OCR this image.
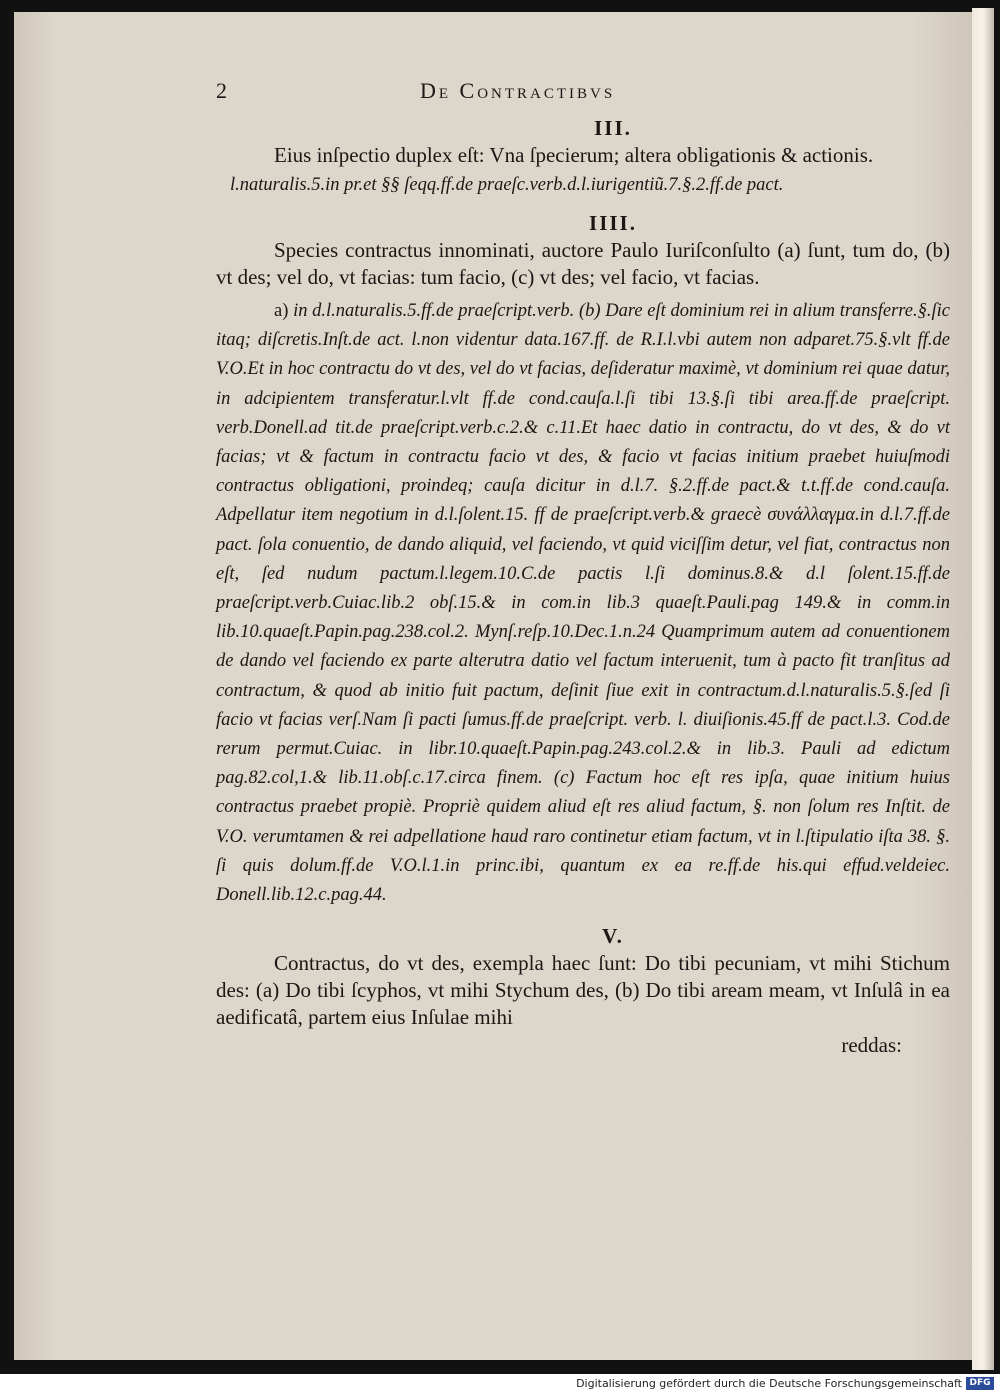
2	De Contractibvs
III.

Eius inſpectio duplex eſt: Vna ſpecierum; altera obligationis & actionis.

l.naturalis.5.in pr.et §§ ſeqq.ff.de praeſc.verb.d.l.iurigentiũ.7.§.2.ff.de pact.

IIII.

Species contractus innominati, auctore Paulo Iuriſconſulto (a) ſunt, tum do, (b) vt des; vel do, vt facias: tum facio, (c) vt des; vel facio, vt facias.

a) in d.l.naturalis.5.ff.de praeſcript.verb. (b) Dare eſt dominium rei in alium transferre.§.ſic itaq; diſcretis.Inſt.de act. l.non videntur data.167.ff. de R.I.l.vbi autem non adparet.75.§.vlt ff.de V.O.Et in hoc contractu do vt des, vel do vt facias, deſideratur maximè, vt dominium rei quae datur, in adcipientem transferatur.l.vlt ff.de cond.cauſa.l.ſi tibi 13.§.ſi tibi area.ff.de praeſcript. verb.Donell.ad tit.de praeſcript.verb.c.2.& c.11.Et haec datio in contractu, do vt des, & do vt facias; vt & factum in contractu facio vt des, & facio vt facias initium praebet huiuſmodi contractus obligationi, proindeq; cauſa dicitur in d.l.7. §.2.ff.de pact.& t.t.ff.de cond.cauſa. Adpellatur item negotium in d.l.ſolent.15. ff de praeſcript.verb.& graecè συνάλλαγμα.in d.l.7.ff.de pact. ſola conuentio, de dando aliquid, vel faciendo, vt quid viciſſim detur, vel fiat, contractus non eſt, ſed nudum pactum.l.legem.10.C.de pactis l.ſi dominus.8.& d.l ſolent.15.ff.de praeſcript.verb.Cuiac.lib.2 obſ.15.& in com.in lib.3 quaeſt.Pauli.pag 149.& in comm.in lib.10.quaeſt.Papin.pag.238.col.2. Mynſ.reſp.10.Dec.1.n.24 Quamprimum autem ad conuentionem de dando vel faciendo ex parte alterutra datio vel factum interuenit, tum à pacto fit tranſitus ad contractum, & quod ab initio fuit pactum, deſinit ſiue exit in contractum.d.l.naturalis.5.§.ſed ſi facio vt facias verſ.Nam ſi pacti ſumus.ff.de praeſcript. verb. l. diuiſionis.45.ff de pact.l.3. Cod.de rerum permut.Cuiac. in libr.10.quaeſt.Papin.pag.243.col.2.& in lib.3. Pauli ad edictum pag.82.col,1.& lib.11.obſ.c.17.circa finem. (c) Factum hoc eſt res ipſa, quae initium huius contractus praebet propiè. Propriè quidem aliud eſt res aliud factum, §. non ſolum res Inſtit. de V.O. verumtamen & rei adpellatione haud raro continetur etiam factum, vt in l.ſtipulatio iſta 38. §. ſi quis dolum.ff.de V.O.l.1.in princ.ibi, quantum ex ea re.ff.de his.qui effud.veldeiec. Donell.lib.12.c.pag.44.

V.

Contractus, do vt des, exempla haec ſunt: Do tibi pecuniam, vt mihi Stichum des: (a) Do tibi ſcyphos, vt mihi Stychum des, (b) Do tibi aream meam, vt Inſulâ in ea aedificatâ, partem eius Inſulae mihi

reddas:
Digitalisierung gefördert durch die Deutsche Forschungsgemeinschaft DFG
